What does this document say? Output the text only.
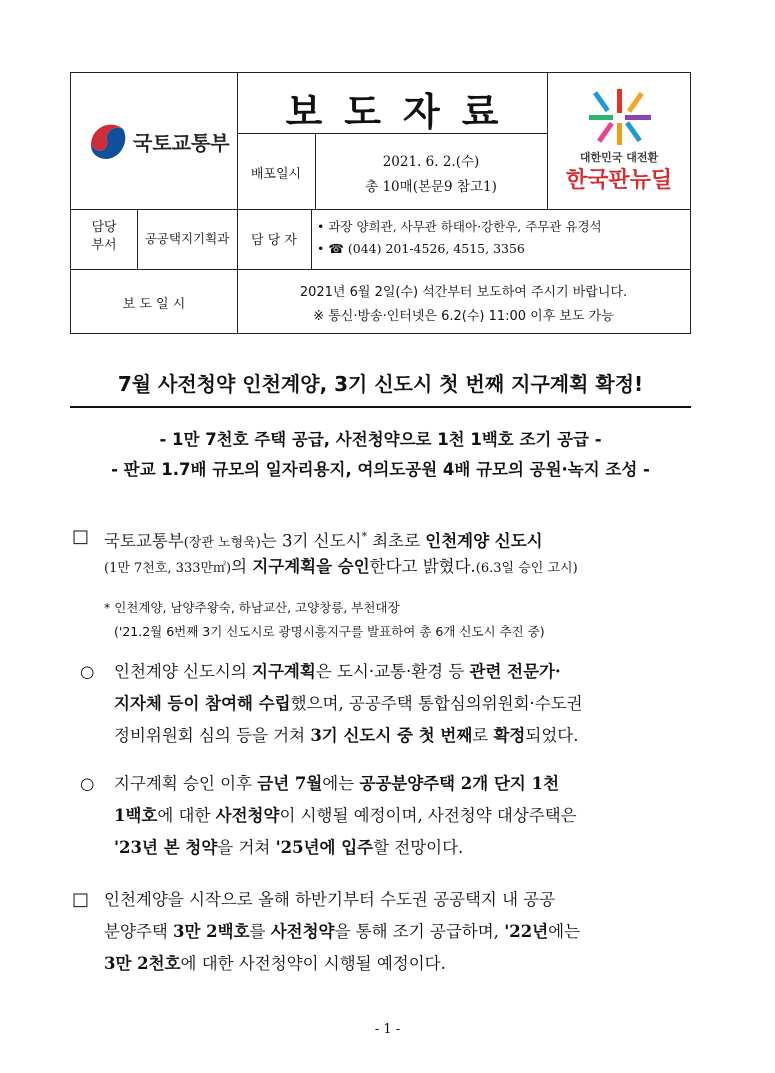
국토교통부
보도자료
배포일시
2021. 6. 2.(수)
총 10매(본문9 참고1)
대한민국 대전환
한국판뉴딜
담당
부서	공공택지기획과	담 당 자
• 과장 양희관, 사무관 하태아·강한우, 주무관 유경석
• ☎ (044) 201-4526, 4515, 3356
보 도 일 시
2021년 6월 2일(수) 석간부터 보도하여 주시기 바랍니다.
※ 통신·방송·인터넷은 6.2(수) 11:00 이후 보도 가능
7월 사전청약 인천계양, 3기 신도시 첫 번째 지구계획 확정!
- 1만 7천호 주택 공급, 사전청약으로 1천 1백호 조기 공급 -
- 판교 1.7배 규모의 일자리용지, 여의도공원 4배 규모의 공원·녹지 조성 -
□ 국토교통부(장관 노형욱)는 3기 신도시* 최초로 인천계양 신도시
(1만 7천호, 333만㎡)의 지구계획을 승인한다고 밝혔다.(6.3일 승인 고시)
* 인천계양, 남양주왕숙, 하남교산, 고양창릉, 부천대장
('21.2월 6번째 3기 신도시로 광명시흥지구를 발표하여 총 6개 신도시 추진 중)
○ 인천계양 신도시의 지구계획은 도시·교통·환경 등 관련 전문가·
지자체 등이 참여해 수립했으며, 공공주택 통합심의위원회·수도권
정비위원회 심의 등을 거쳐 3기 신도시 중 첫 번째로 확정되었다.
○ 지구계획 승인 이후 금년 7월에는 공공분양주택 2개 단지 1천
1백호에 대한 사전청약이 시행될 예정이며, 사전청약 대상주택은
'23년 본 청약을 거쳐 '25년에 입주할 전망이다.
□ 인천계양을 시작으로 올해 하반기부터 수도권 공공택지 내 공공
분양주택 3만 2백호를 사전청약을 통해 조기 공급하며, '22년에는
3만 2천호에 대한 사전청약이 시행될 예정이다.
- 1 -
